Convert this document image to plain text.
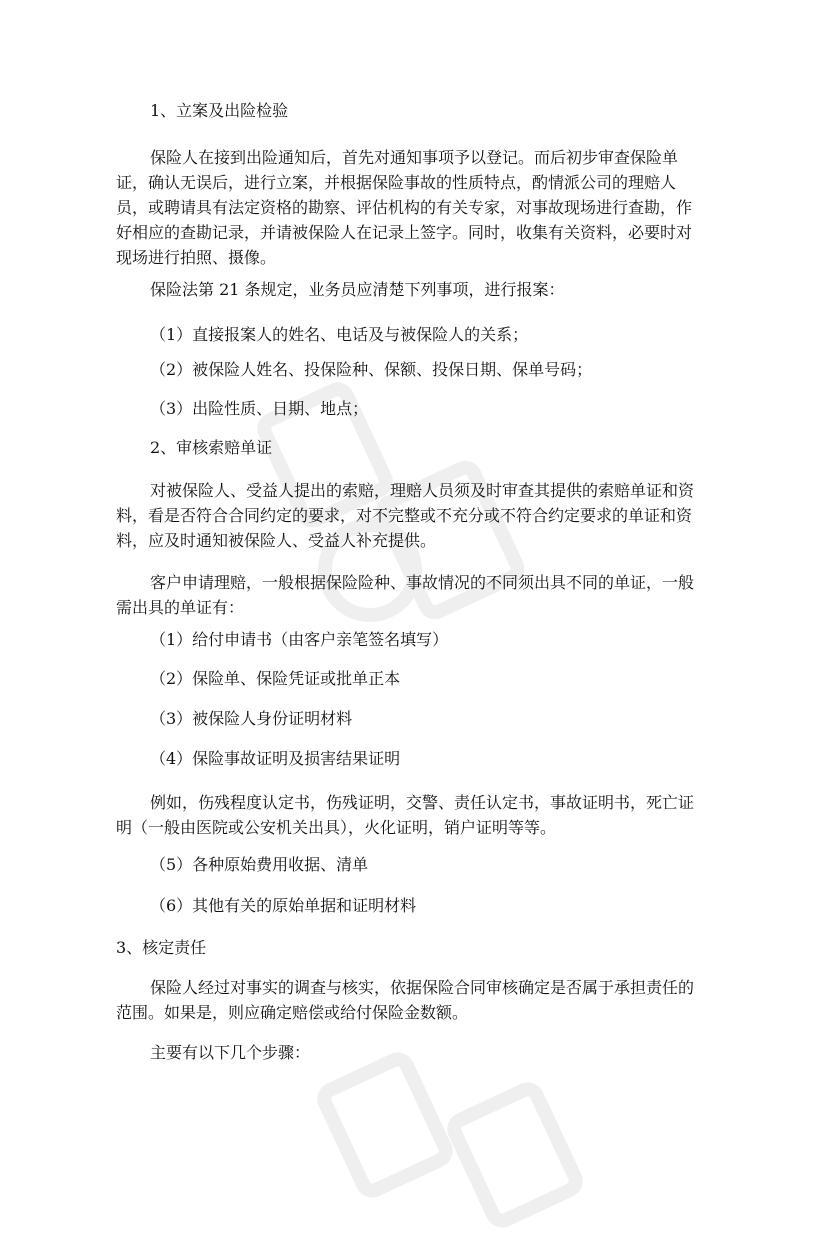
1、立案及出险检验

保险人在接到出险通知后，首先对通知事项予以登记。而后初步审查保险单
证，确认无误后，进行立案，并根据保险事故的性质特点，酌情派公司的理赔人
员，或聘请具有法定资格的勘察、评估机构的有关专家，对事故现场进行查勘，作
好相应的查勘记录，并请被保险人在记录上签字。同时，收集有关资料，必要时对
现场进行拍照、摄像。

保险法第 21 条规定，业务员应清楚下列事项，进行报案：

（1）直接报案人的姓名、电话及与被保险人的关系；

（2）被保险人姓名、投保险种、保额、投保日期、保单号码；

（3）出险性质、日期、地点；

2、审核索赔单证

对被保险人、受益人提出的索赔，理赔人员须及时审查其提供的索赔单证和资
料，看是否符合合同约定的要求，对不完整或不充分或不符合约定要求的单证和资
料，应及时通知被保险人、受益人补充提供。

客户申请理赔，一般根据保险险种、事故情况的不同须出具不同的单证，一般
需出具的单证有：

（1）给付申请书（由客户亲笔签名填写）

（2）保险单、保险凭证或批单正本

（3）被保险人身份证明材料

（4）保险事故证明及损害结果证明

例如，伤残程度认定书，伤残证明，交警、责任认定书，事故证明书，死亡证
明（一般由医院或公安机关出具），火化证明，销户证明等等。

（5）各种原始费用收据、清单

（6）其他有关的原始单据和证明材料

3、核定责任

保险人经过对事实的调查与核实，依据保险合同审核确定是否属于承担责任的
范围。如果是，则应确定赔偿或给付保险金数额。

主要有以下几个步骤：
